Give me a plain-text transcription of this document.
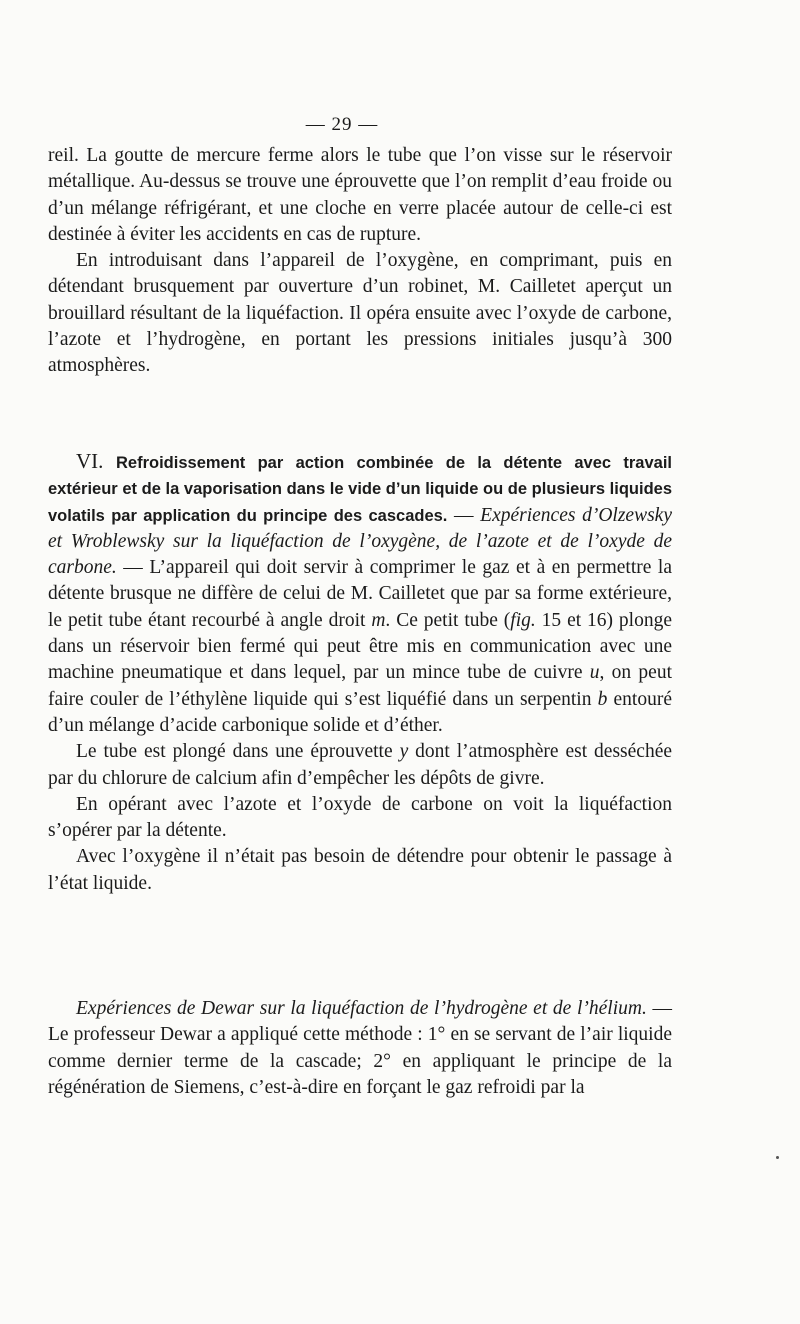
— 29 —

reil. La goutte de mercure ferme alors le tube que l’on visse sur le réservoir métallique. Au-dessus se trouve une éprouvette que l’on remplit d’eau froide ou d’un mélange réfrigérant, et une cloche en verre placée autour de celle-ci est destinée à éviter les accidents en cas de rupture.

En introduisant dans l’appareil de l’oxygène, en comprimant, puis en détendant brusquement par ouverture d’un robinet, M. Cailletet aperçut un brouillard résultant de la liquéfaction. Il opéra ensuite avec l’oxyde de carbone, l’azote et l’hydrogène, en portant les pressions initiales jusqu’à 300 atmosphères.

VI. Refroidissement par action combinée de la détente avec travail extérieur et de la vaporisation dans le vide d’un liquide ou de plusieurs liquides volatils par application du principe des cascades. — Expériences d’Olzewsky et Wroblewsky sur la liquéfaction de l’oxygène, de l’azote et de l’oxyde de carbone. — L’appareil qui doit servir à comprimer le gaz et à en permettre la détente brusque ne diffère de celui de M. Cailletet que par sa forme extérieure, le petit tube étant recourbé à angle droit m. Ce petit tube (fig. 15 et 16) plonge dans un réservoir bien fermé qui peut être mis en communication avec une machine pneumatique et dans lequel, par un mince tube de cuivre u, on peut faire couler de l’éthylène liquide qui s’est liquéfié dans un serpentin b entouré d’un mélange d’acide carbonique solide et d’éther.

Le tube est plongé dans une éprouvette y dont l’atmosphère est desséchée par du chlorure de calcium afin d’empêcher les dépôts de givre.

En opérant avec l’azote et l’oxyde de carbone on voit la liquéfaction s’opérer par la détente.

Avec l’oxygène il n’était pas besoin de détendre pour obtenir le passage à l’état liquide.

Expériences de Dewar sur la liquéfaction de l’hydrogène et de l’hélium. — Le professeur Dewar a appliqué cette méthode : 1° en se servant de l’air liquide comme dernier terme de la cascade; 2° en appliquant le principe de la régénération de Siemens, c’est-à-dire en forçant le gaz refroidi par la
